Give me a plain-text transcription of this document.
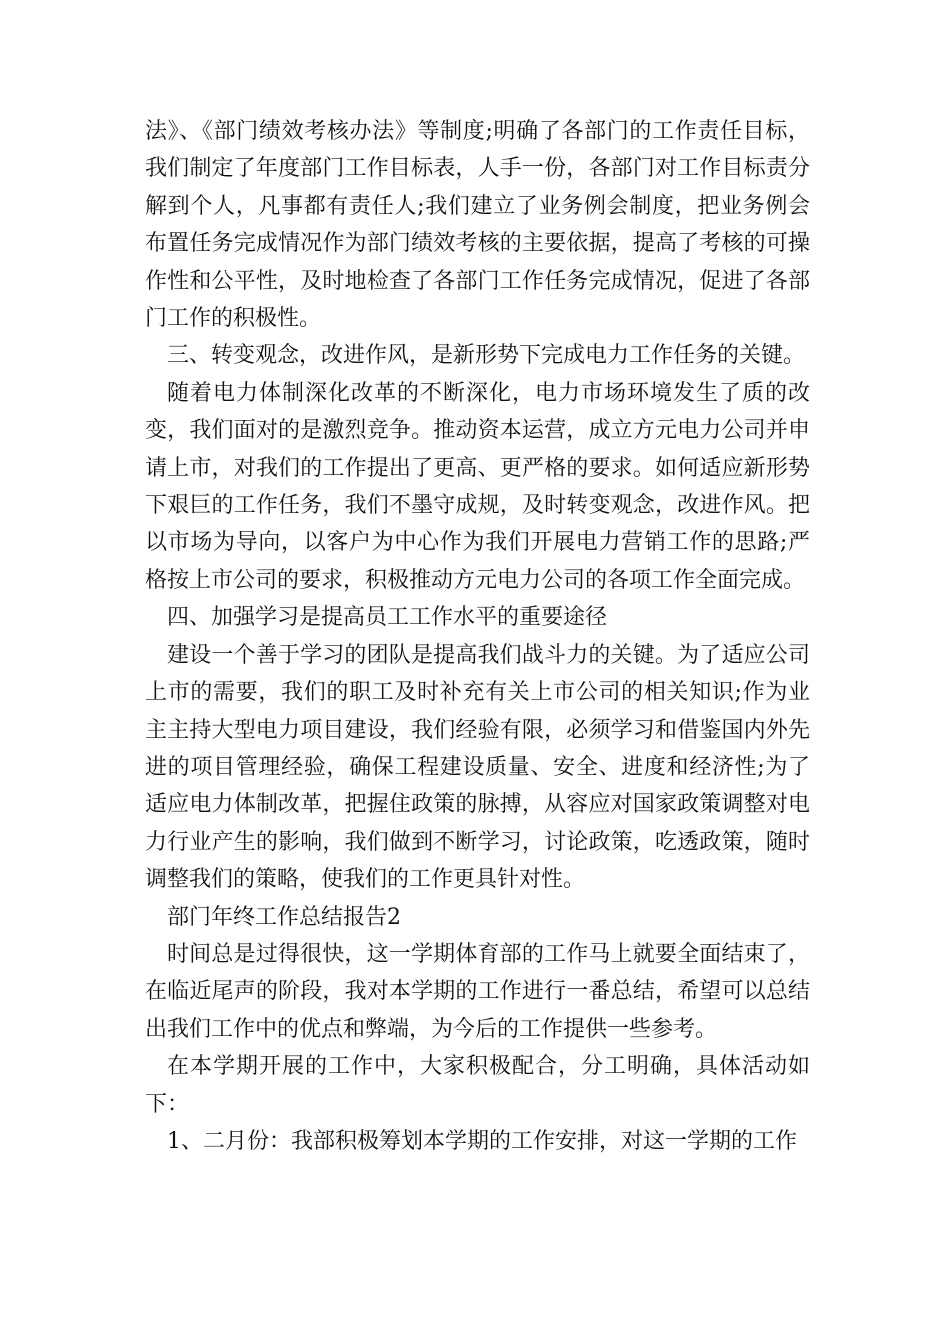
法》、《部门绩效考核办法》等制度;明确了各部门的工作责任目标，我们制定了年度部门工作目标表，人手一份，各部门对工作目标责分解到个人，凡事都有责任人;我们建立了业务例会制度，把业务例会布置任务完成情况作为部门绩效考核的主要依据，提高了考核的可操作性和公平性，及时地检查了各部门工作任务完成情况，促进了各部门工作的积极性。

三、转变观念，改进作风，是新形势下完成电力工作任务的关键。

随着电力体制深化改革的不断深化，电力市场环境发生了质的改变，我们面对的是激烈竞争。推动资本运营，成立方元电力公司并申请上市，对我们的工作提出了更高、更严格的要求。如何适应新形势下艰巨的工作任务，我们不墨守成规，及时转变观念，改进作风。把以市场为导向，以客户为中心作为我们开展电力营销工作的思路;严格按上市公司的要求，积极推动方元电力公司的各项工作全面完成。

四、加强学习是提高员工工作水平的重要途径

建设一个善于学习的团队是提高我们战斗力的关键。为了适应公司上市的需要，我们的职工及时补充有关上市公司的相关知识;作为业主主持大型电力项目建设，我们经验有限，必须学习和借鉴国内外先进的项目管理经验，确保工程建设质量、安全、进度和经济性;为了适应电力体制改革，把握住政策的脉搏，从容应对国家政策调整对电力行业产生的影响，我们做到不断学习，讨论政策，吃透政策，随时调整我们的策略，使我们的工作更具针对性。

部门年终工作总结报告2

时间总是过得很快，这一学期体育部的工作马上就要全面结束了，在临近尾声的阶段，我对本学期的工作进行一番总结，希望可以总结出我们工作中的优点和弊端，为今后的工作提供一些参考。

在本学期开展的工作中，大家积极配合，分工明确，具体活动如下：

1、二月份：我部积极筹划本学期的工作安排，对这一学期的工作
